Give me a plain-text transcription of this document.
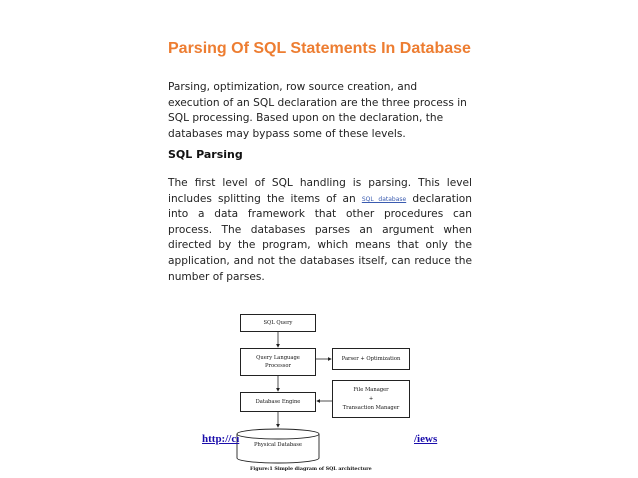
Parsing Of SQL Statements In Database

Parsing, optimization, row source creation, and execution of an SQL declaration are the three process in SQL processing. Based upon on the declaration, the databases may bypass some of these levels.

SQL Parsing

The first level of SQL handling is parsing. This level includes splitting the items of an SQL database declaration into a data framework that other procedures can process. The databases parses an argument when directed by the program, which means that only the application, and not the databases itself, can reduce the number of parses.

SQL Query
Query Language
Processor
Parser + Optimization
Database Engine
File Manager
+
Transaction Manager
Physical Database
http://cı	/iews
Figure:1 Simple diagram of SQL architecture
